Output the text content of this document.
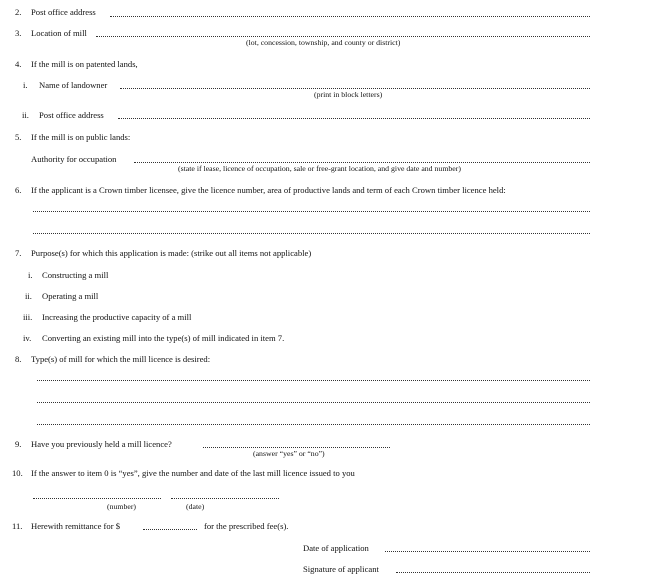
2. Post office address
3. Location of mill
(lot, concession, township, and county or district)
4. If the mill is on patented lands,
i. Name of landowner
(print in block letters)
ii. Post office address
5. If the mill is on public lands:
Authority for occupation
(state if lease, licence of occupation, sale or free-grant location, and give date and number)
6. If the applicant is a Crown timber licensee, give the licence number, area of productive lands and term of each Crown timber licence held:
7. Purpose(s) for which this application is made: (strike out all items not applicable)
i. Constructing a mill
ii. Operating a mill
iii. Increasing the productive capacity of a mill
iv. Converting an existing mill into the type(s) of mill indicated in item 7.
8. Type(s) of mill for which the mill licence is desired:
9. Have you previously held a mill licence?
(answer “yes” or “no”)
10. If the answer to item 0 is “yes”, give the number and date of the last mill licence issued to you
(number)	(date)
11. Herewith remittance for $	for the prescribed fee(s).
Date of application
Signature of applicant
